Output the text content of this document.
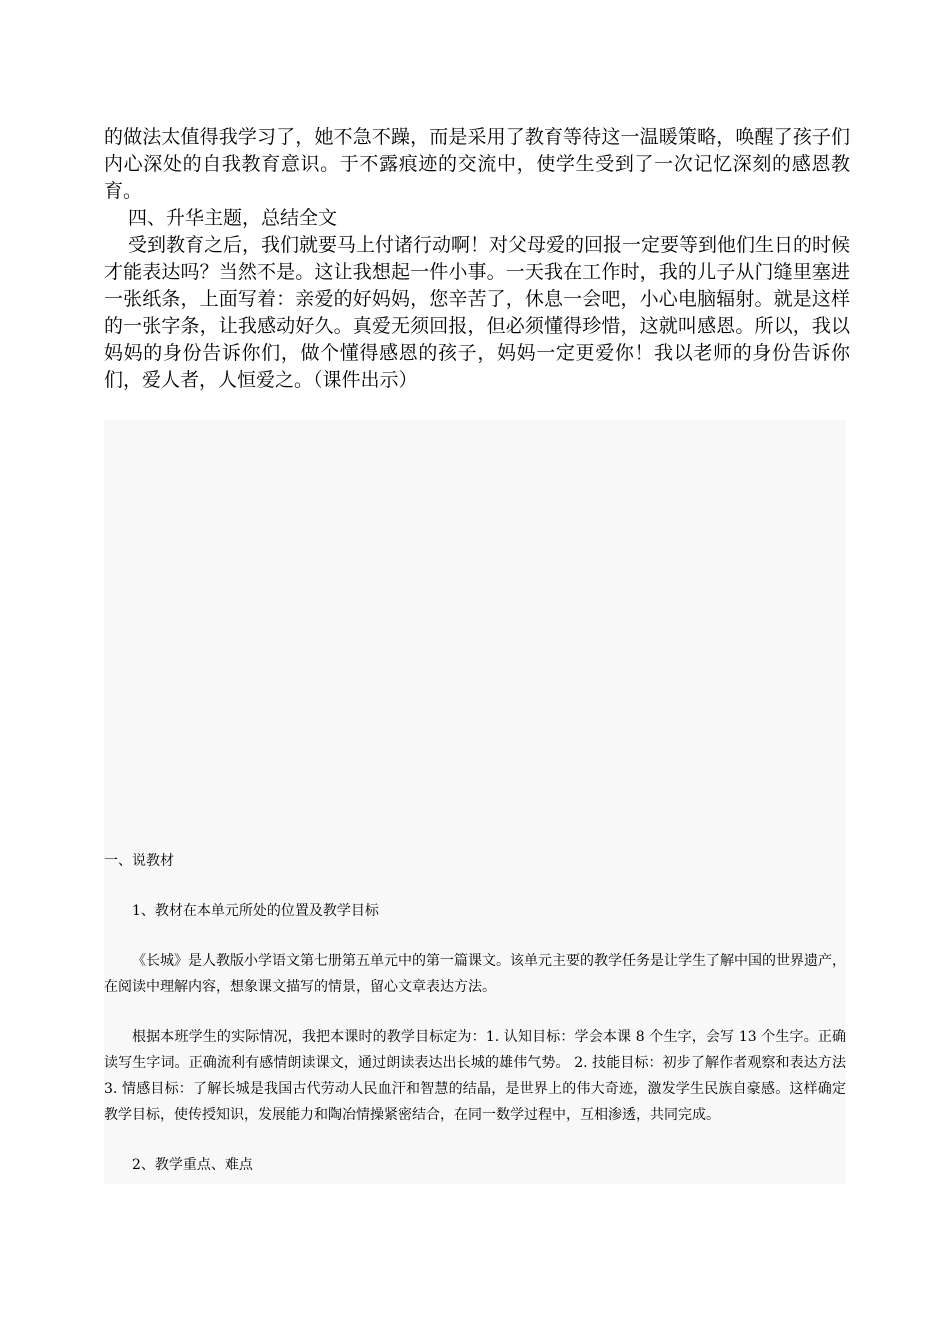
的做法太值得我学习了，她不急不躁，而是采用了教育等待这一温暖策略，唤醒了孩子们内心深处的自我教育意识。于不露痕迹的交流中，使学生受到了一次记忆深刻的感恩教育。

四、升华主题，总结全文

受到教育之后，我们就要马上付诸行动啊！对父母爱的回报一定要等到他们生日的时候才能表达吗？当然不是。这让我想起一件小事。一天我在工作时，我的儿子从门缝里塞进一张纸条，上面写着：亲爱的好妈妈，您辛苦了，休息一会吧，小心电脑辐射。就是这样的一张字条，让我感动好久。真爱无须回报，但必须懂得珍惜，这就叫感恩。所以，我以妈妈的身份告诉你们，做个懂得感恩的孩子，妈妈一定更爱你！我以老师的身份告诉你们，爱人者，人恒爱之。（课件出示）

一、说教材

1、教材在本单元所处的位置及教学目标

《长城》是人教版小学语文第七册第五单元中的第一篇课文。该单元主要的教学任务是让学生了解中国的世界遗产，在阅读中理解内容，想象课文描写的情景，留心文章表达方法。

根据本班学生的实际情况，我把本课时的教学目标定为：1. 认知目标：学会本课 8 个生字，会写 13 个生字。正确读写生字词。正确流利有感情朗读课文，通过朗读表达出长城的雄伟气势。 2. 技能目标：初步了解作者观察和表达方法 3. 情感目标：了解长城是我国古代劳动人民血汗和智慧的结晶，是世界上的伟大奇迹，激发学生民族自豪感。这样确定教学目标，使传授知识，发展能力和陶冶情操紧密结合，在同一数学过程中，互相渗透，共同完成。

2、教学重点、难点
